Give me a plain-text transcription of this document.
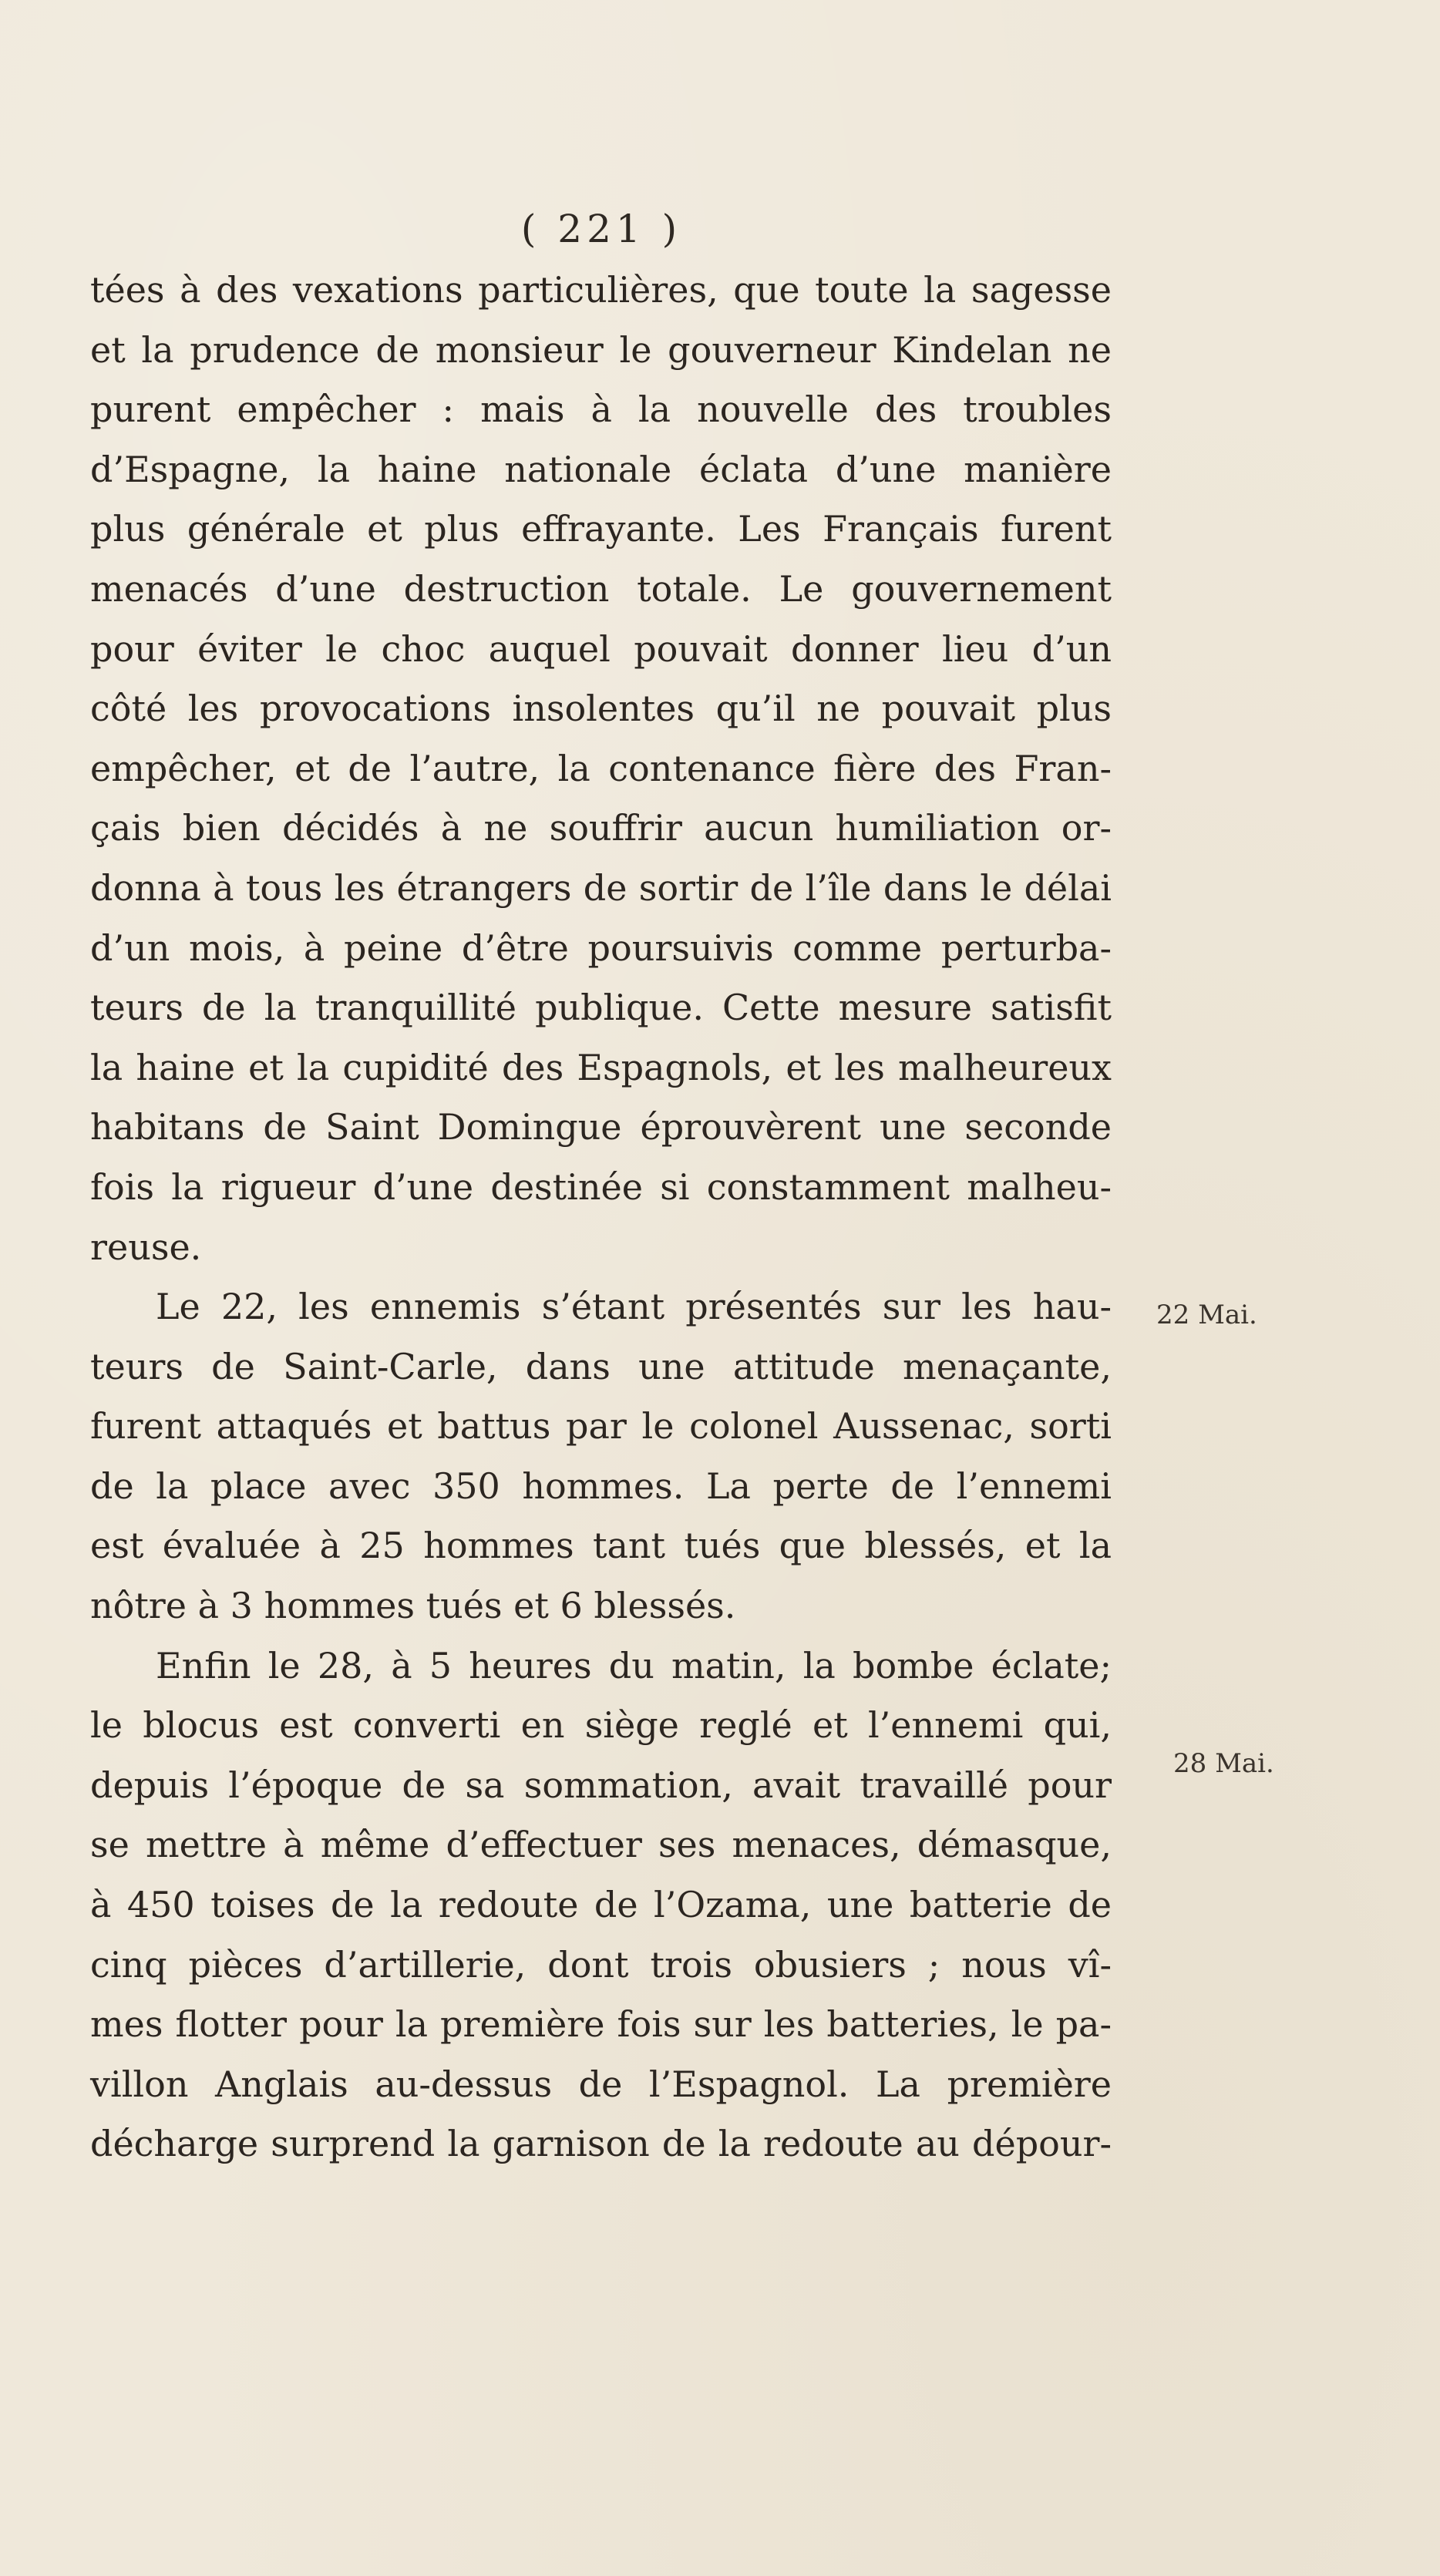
( 221 )
tées à des vexations particulières, que toute la sagesse
et la prudence de monsieur le gouverneur Kindelan ne
purent empêcher : mais à la nouvelle des troubles
d’Espagne, la haine nationale éclata d’une manière
plus générale et plus effrayante. Les Français furent
menacés d’une destruction totale. Le gouvernement
pour éviter le choc auquel pouvait donner lieu d’un
côté les provocations insolentes qu’il ne pouvait plus
empêcher, et de l’autre, la contenance fière des Fran-
çais bien décidés à ne souffrir aucun humiliation or-
donna à tous les étrangers de sortir de l’île dans le délai
d’un mois, à peine d’être poursuivis comme perturba-
teurs de la tranquillité publique. Cette mesure satisfit
la haine et la cupidité des Espagnols, et les malheureux
habitans de Saint Domingue éprouvèrent une seconde
fois la rigueur d’une destinée si constamment malheu-
reuse.
Le 22, les ennemis s’étant présentés sur les hau-
teurs de Saint-Carle, dans une attitude menaçante,
furent attaqués et battus par le colonel Aussenac, sorti
de la place avec 350 hommes. La perte de l’ennemi
est évaluée à 25 hommes tant tués que blessés, et la
nôtre à 3 hommes tués et 6 blessés.
Enfin le 28, à 5 heures du matin, la bombe éclate;
le blocus est converti en siège reglé et l’ennemi qui,
depuis l’époque de sa sommation, avait travaillé pour
se mettre à même d’effectuer ses menaces, démasque,
à 450 toises de la redoute de l’Ozama, une batterie de
cinq pièces d’artillerie, dont trois obusiers ; nous vî-
mes flotter pour la première fois sur les batteries, le pa-
villon Anglais au-dessus de l’Espagnol. La première
décharge surprend la garnison de la redoute au dépour-
22 Mai.
28 Mai.
